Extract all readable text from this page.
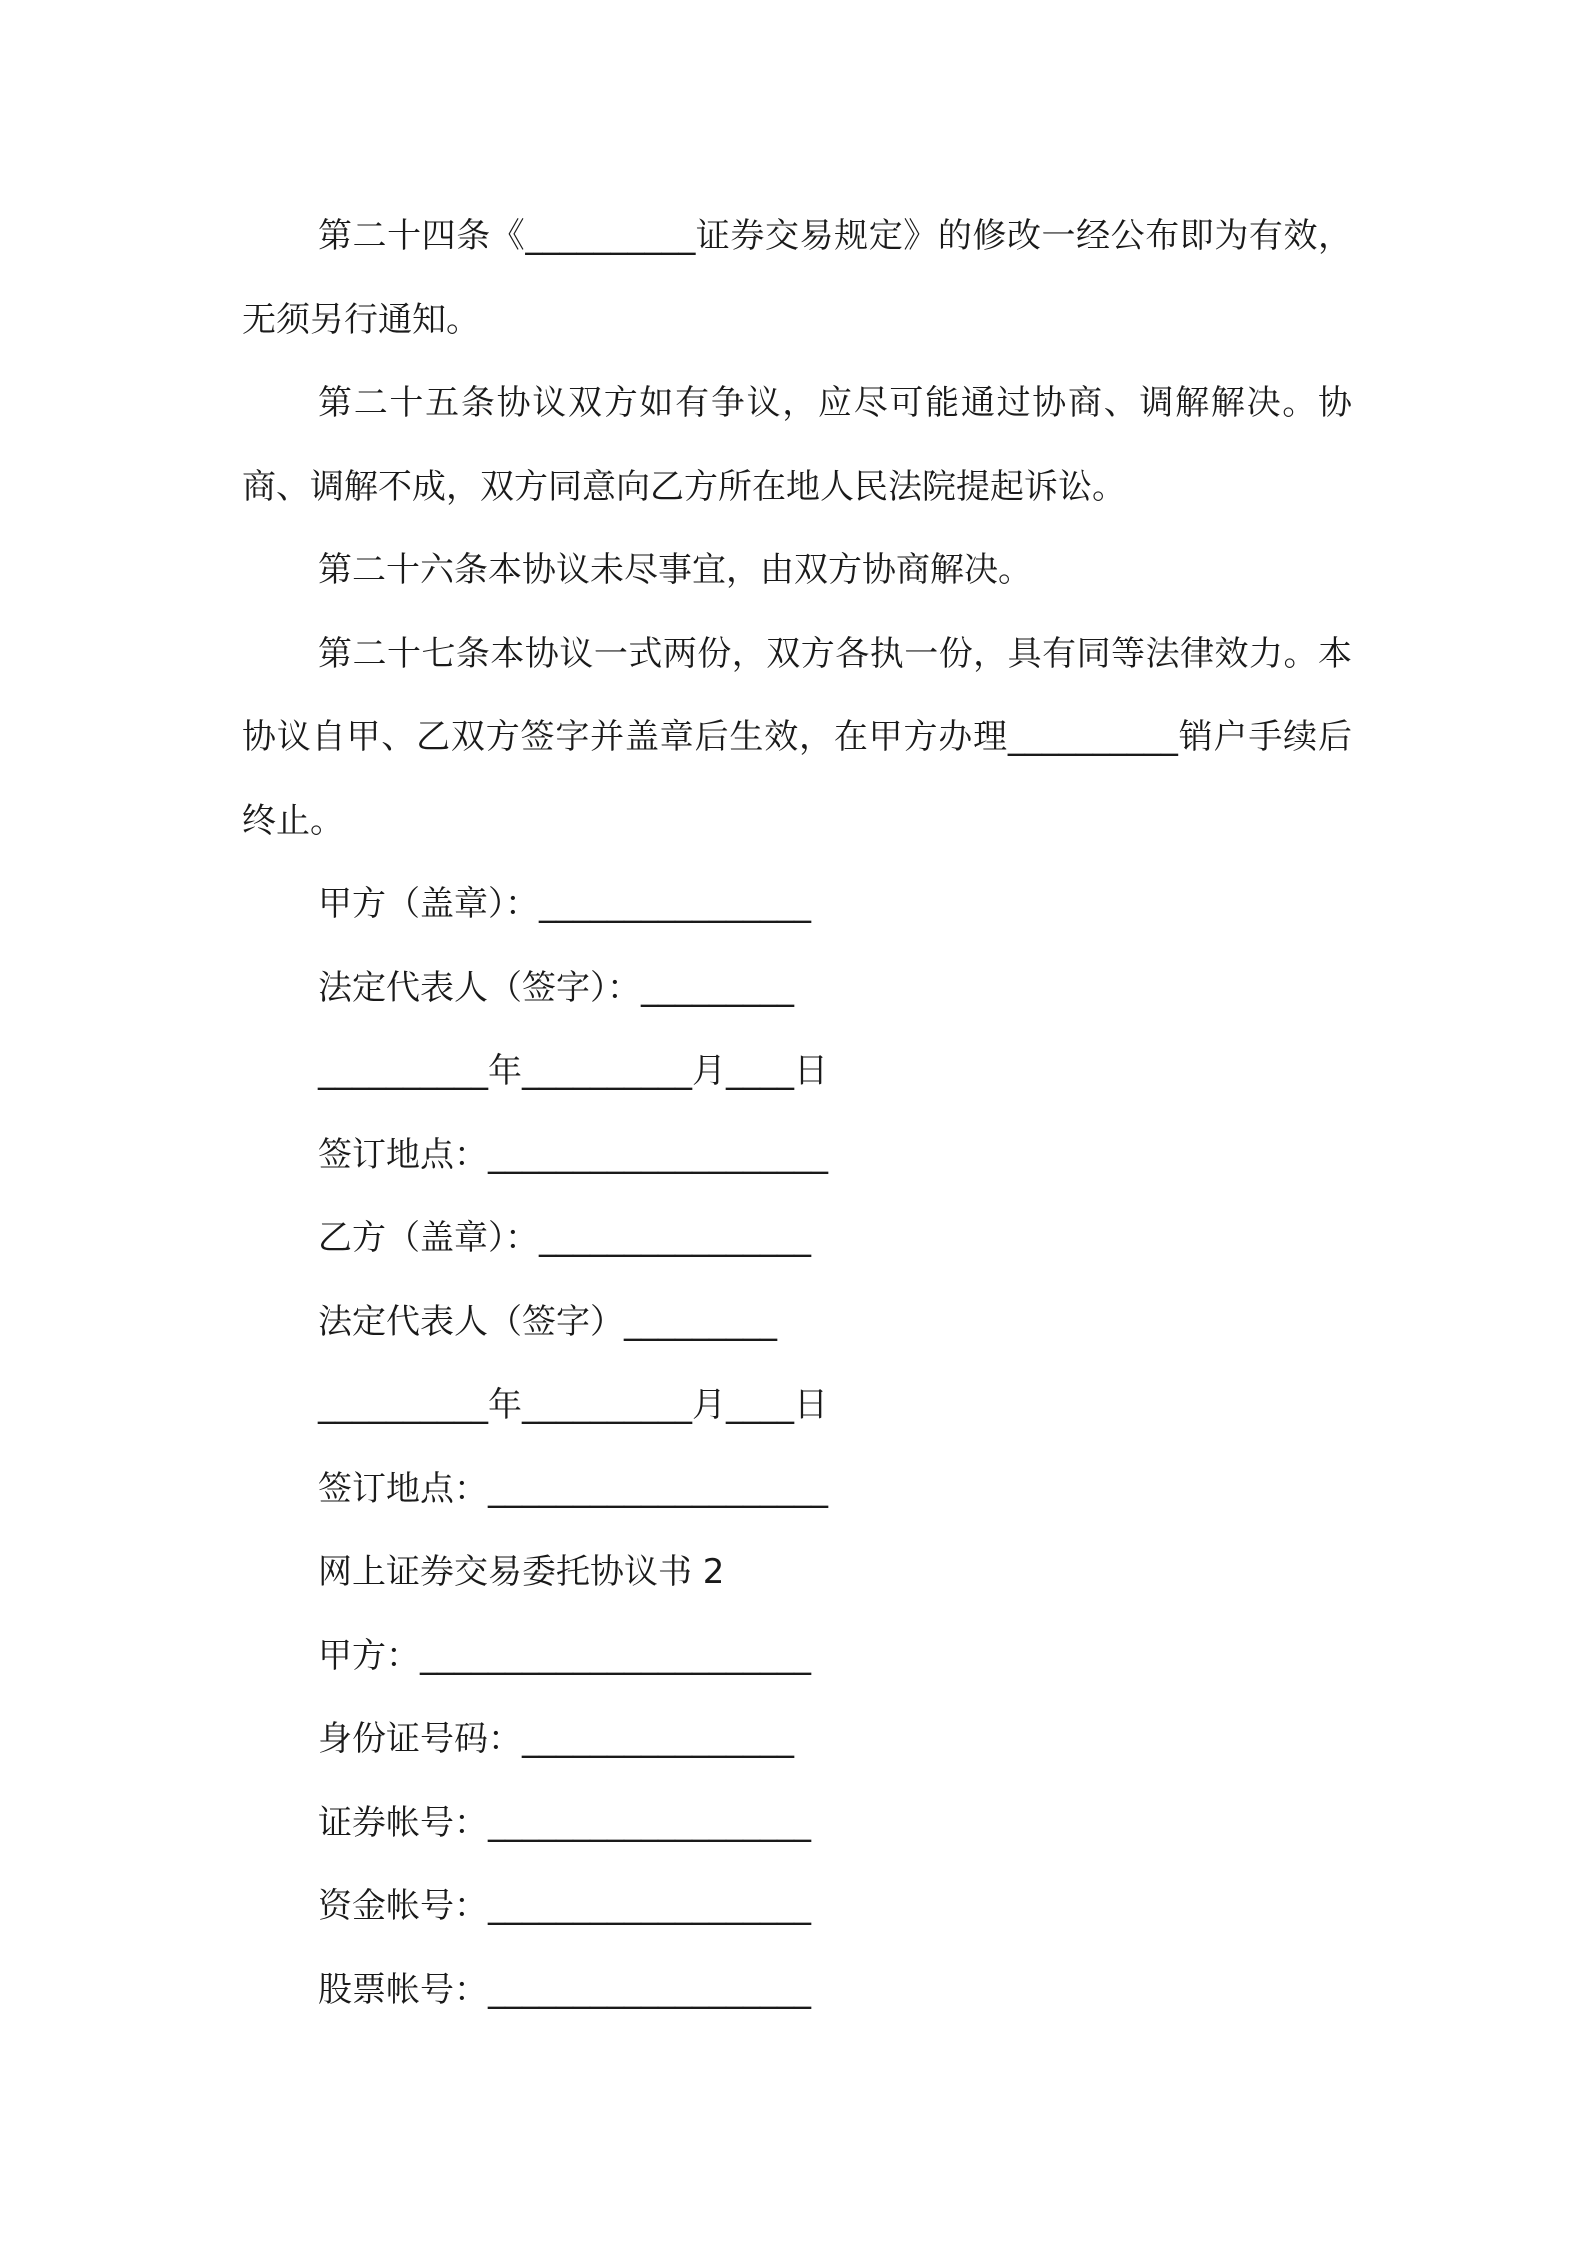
第二十四条《__________证券交易规定》的修改一经公布即为有效，无须另行通知。

第二十五条协议双方如有争议，应尽可能通过协商、调解解决。协商、调解不成，双方同意向乙方所在地人民法院提起诉讼。

第二十六条本协议未尽事宜，由双方协商解决。

第二十七条本协议一式两份，双方各执一份，具有同等法律效力。本协议自甲、乙双方签字并盖章后生效，在甲方办理__________销户手续后终止。

甲方（盖章）：________________

法定代表人（签字）：_________

__________年__________月____日

签订地点：____________________

乙方（盖章）：________________

法定代表人（签字）_________

__________年__________月____日

签订地点：____________________

网上证券交易委托协议书 2

甲方：_______________________

身份证号码：________________

证券帐号：___________________

资金帐号：___________________

股票帐号：___________________
